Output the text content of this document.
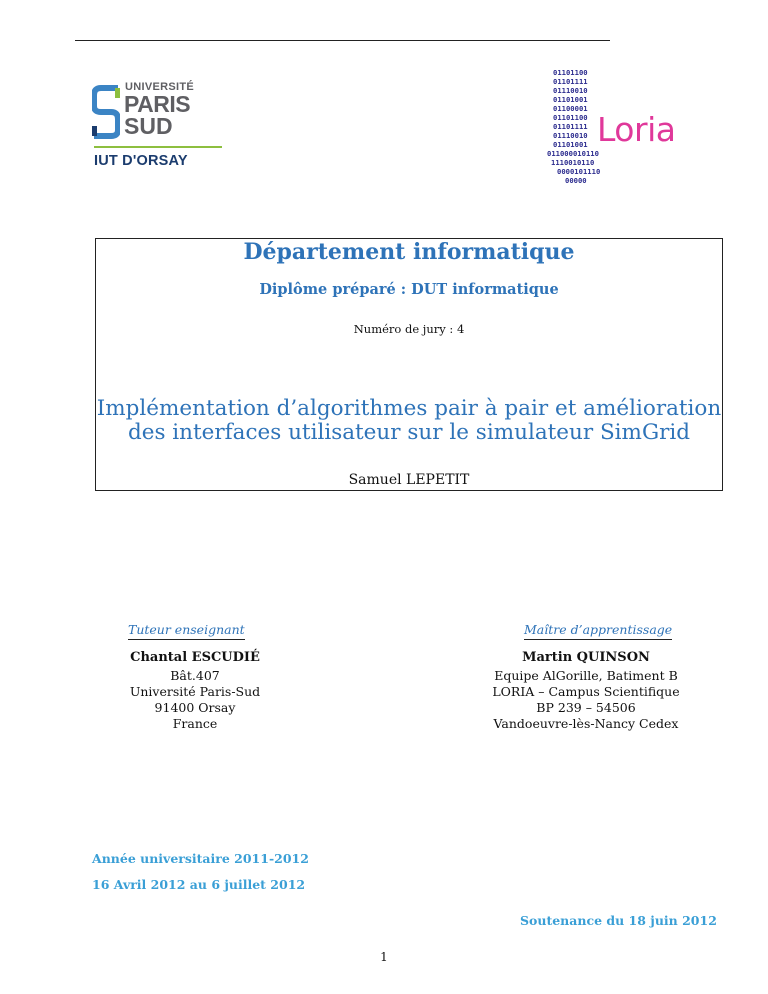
UNIVERSITÉ
PARIS
SUD
IUT D'ORSAY
01101100
01101111
01110010
01101001
01100001
01101100
01101111
01110010
01101001
011000010110
1110010110
0000101110
00000
Loria
Département informatique
Diplôme préparé : DUT informatique
Numéro de jury : 4
Implémentation d’algorithmes pair à pair et amélioration
des interfaces utilisateur sur le simulateur SimGrid
Samuel LEPETIT
Tuteur enseignant
Chantal ESCUDIÉ
Bât.407
Université Paris-Sud
91400 Orsay
France
Maître d’apprentissage
Martin QUINSON
Equipe AlGorille, Batiment B
LORIA – Campus Scientifique
BP 239 – 54506
Vandoeuvre-lès-Nancy Cedex
Année universitaire 2011-2012
16 Avril 2012 au 6 juillet 2012
Soutenance du 18 juin 2012
1
